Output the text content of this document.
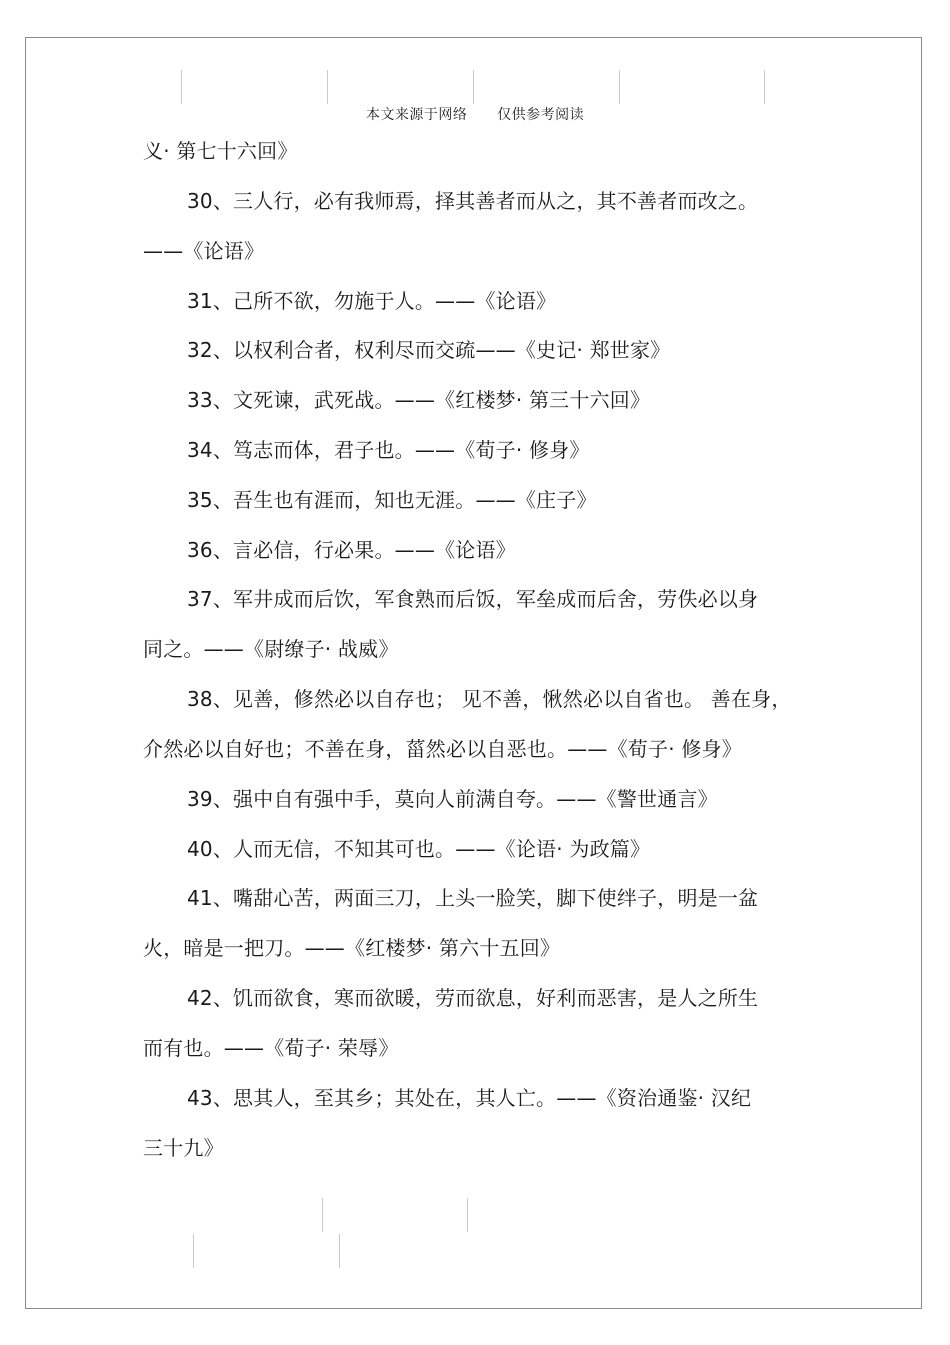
本文来源于网络      仅供参考阅读
义· 第七十六回》
30、三人行，必有我师焉，择其善者而从之，其不善者而改之。
——《论语》
31、己所不欲，勿施于人。——《论语》
32、以权利合者，权利尽而交疏——《史记· 郑世家》
33、文死谏，武死战。——《红楼梦· 第三十六回》
34、笃志而体，君子也。——《荀子· 修身》
35、吾生也有涯而，知也无涯。——《庄子》
36、言必信，行必果。——《论语》
37、军井成而后饮，军食熟而后饭，军垒成而后舍，劳佚必以身
同之。——《尉缭子· 战威》
38、见善，修然必以自存也； 见不善，愀然必以自省也。 善在身，
介然必以自好也；不善在身，菑然必以自恶也。——《荀子· 修身》
39、强中自有强中手，莫向人前满自夸。——《警世通言》
40、人而无信，不知其可也。——《论语· 为政篇》
41、嘴甜心苦，两面三刀，上头一脸笑，脚下使绊子，明是一盆
火，暗是一把刀。——《红楼梦· 第六十五回》
42、饥而欲食，寒而欲暖，劳而欲息，好利而恶害，是人之所生
而有也。——《荀子· 荣辱》
43、思其人，至其乡；其处在，其人亡。——《资治通鉴· 汉纪
三十九》
